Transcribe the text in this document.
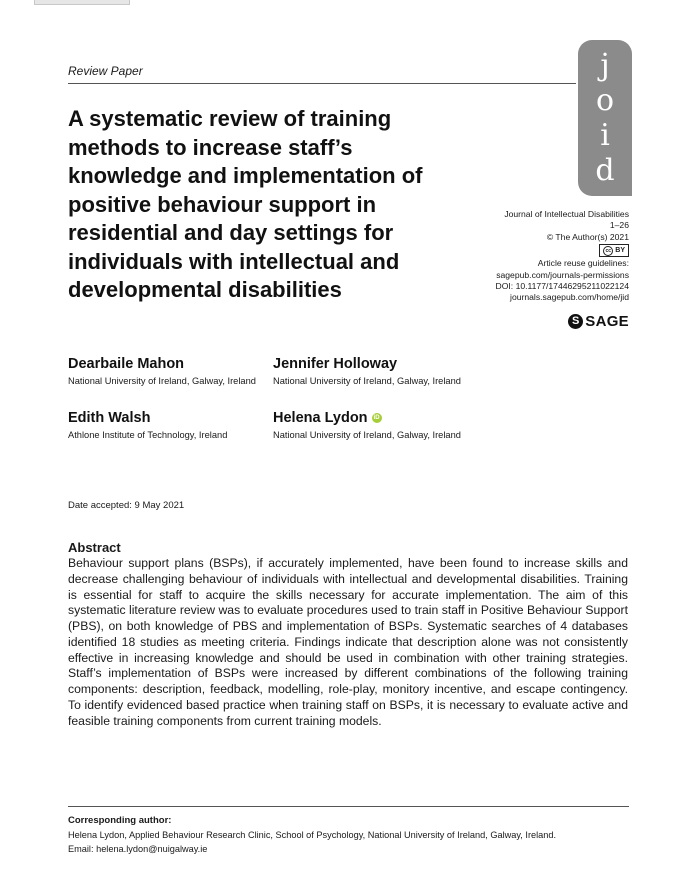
Review Paper
A systematic review of training methods to increase staff’s knowledge and implementation of positive behaviour support in residential and day settings for individuals with intellectual and developmental disabilities
j
o
i
d
Journal of Intellectual Disabilities
1–26
© The Author(s) 2021
cc BY
Article reuse guidelines:
sagepub.com/journals-permissions
DOI: 10.1177/17446295211022124
journals.sagepub.com/home/jid
S SAGE
Dearbaile Mahon
National University of Ireland, Galway, Ireland
Jennifer Holloway
National University of Ireland, Galway, Ireland
Edith Walsh
Athlone Institute of Technology, Ireland
Helena Lydon	iD
National University of Ireland, Galway, Ireland
Date accepted: 9 May 2021
Abstract

Behaviour support plans (BSPs), if accurately implemented, have been found to increase skills and decrease challenging behaviour of individuals with intellectual and developmental disabilities. Training is essential for staff to acquire the skills necessary for accurate implementation. The aim of this systematic literature review was to evaluate procedures used to train staff in Positive Behaviour Support (PBS), on both knowledge of PBS and implementation of BSPs. Systematic searches of 4 databases identified 18 studies as meeting criteria. Findings indicate that description alone was not consistently effective in increasing knowledge and should be used in combination with other training strategies. Staff’s implementation of BSPs were increased by different combinations of the following training components: description, feedback, modelling, role-play, monitory incentive, and escape contingency. To identify evidenced based practice when training staff on BSPs, it is necessary to evaluate active and feasible training components from current training models.

Corresponding author:
Helena Lydon, Applied Behaviour Research Clinic, School of Psychology, National University of Ireland, Galway, Ireland.
Email: helena.lydon@nuigalway.ie
